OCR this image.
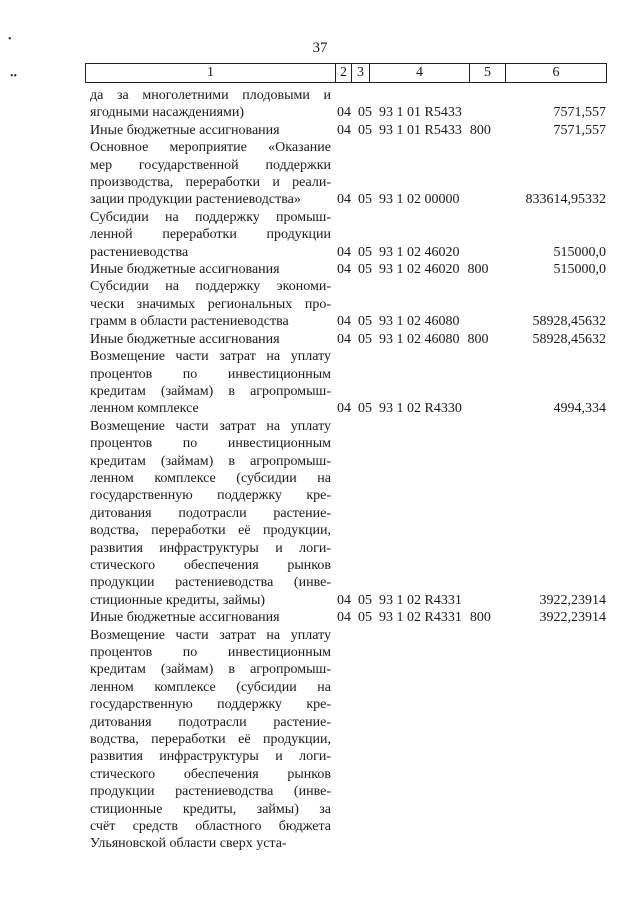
37
1	2 3	4	5	6
да за многолетними плодовыми и
ягодными насаждениями)	04  05  93 1 01 R5433	7571,557
Иные бюджетные ассигнования	04  05  93 1 01 R5433 800	7571,557
Основное мероприятие «Оказание
мер государственной поддержки
производства, переработки и реали-
зации продукции растениеводства»	04  05  93 1 02 00000	833614,95332
Субсидии на поддержку промыш-
ленной переработки продукции
растениеводства	04  05  93 1 02 46020	515000,0
Иные бюджетные ассигнования	04  05  93 1 02 46020 800	515000,0
Субсидии на поддержку экономи-
чески значимых региональных про-
грамм в области растениеводства	04  05  93 1 02 46080	58928,45632
Иные бюджетные ассигнования	04  05  93 1 02 46080 800	58928,45632
Возмещение части затрат на уплату
процентов по инвестиционным
кредитам (займам) в агропромыш-
ленном комплексе	04  05  93 1 02 R4330	4994,334
Возмещение части затрат на уплату
процентов по инвестиционным
кредитам (займам) в агропромыш-
ленном комплексе (субсидии на
государственную поддержку кре-
дитования подотрасли растение-
водства, переработки её продукции,
развития инфраструктуры и логи-
стического обеспечения рынков
продукции растениеводства (инве-
стиционные кредиты, займы)	04  05  93 1 02 R4331	3922,23914
Иные бюджетные ассигнования	04  05  93 1 02 R4331 800	3922,23914
Возмещение части затрат на уплату
процентов по инвестиционным
кредитам (займам) в агропромыш-
ленном комплексе (субсидии на
государственную поддержку кре-
дитования подотрасли растение-
водства, переработки её продукции,
развития инфраструктуры и логи-
стического обеспечения рынков
продукции растениеводства (инве-
стиционные кредиты, займы) за
счёт средств областного бюджета
Ульяновской области сверх уста-
•
••
